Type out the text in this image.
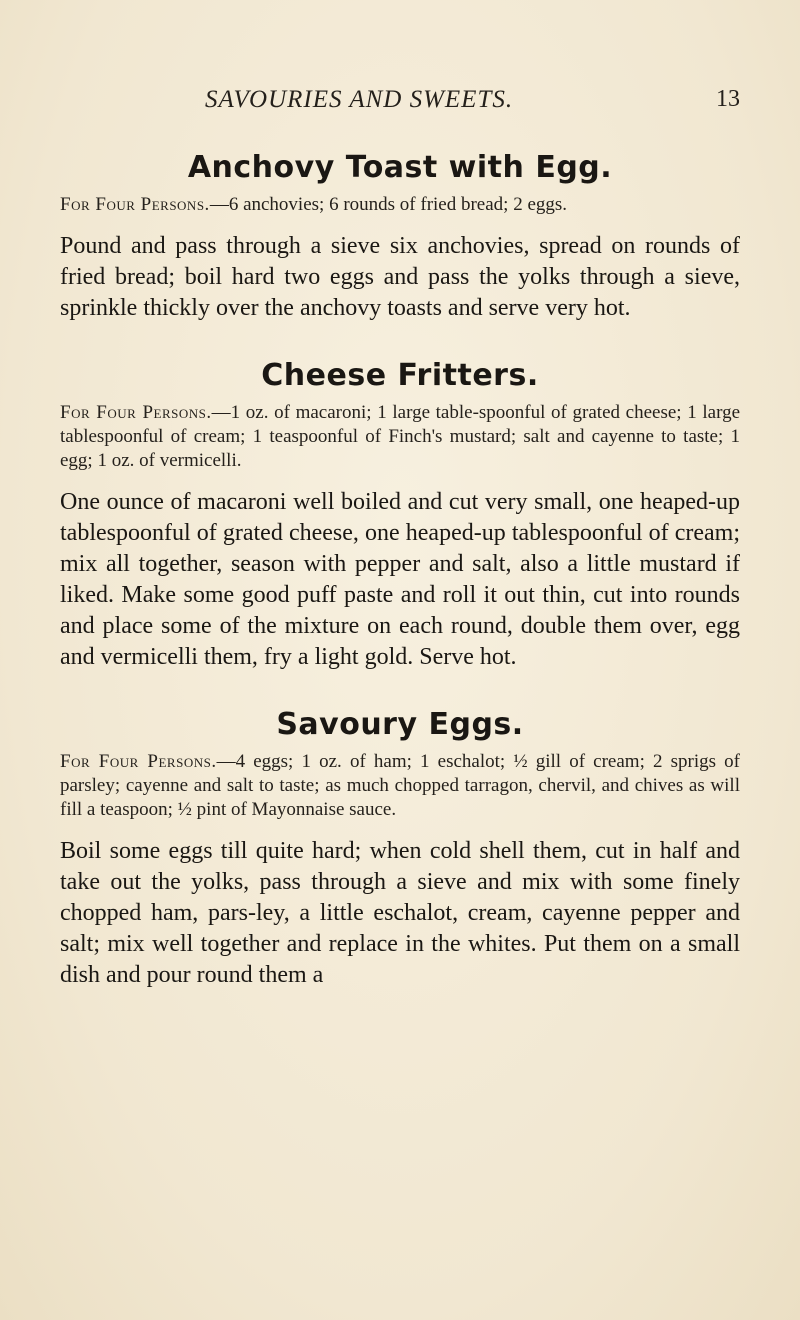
SAVOURIES AND SWEETS.	13
Anchovy Toast with Egg.

For Four Persons.—6 anchovies; 6 rounds of fried bread; 2 eggs.

Pound and pass through a sieve six anchovies, spread on rounds of fried bread; boil hard two eggs and pass the yolks through a sieve, sprinkle thickly over the anchovy toasts and serve very hot.

Cheese Fritters.

For Four Persons.—1 oz. of macaroni; 1 large table-spoonful of grated cheese; 1 large tablespoonful of cream; 1 teaspoonful of Finch's mustard; salt and cayenne to taste; 1 egg; 1 oz. of vermicelli.

One ounce of macaroni well boiled and cut very small, one heaped-up tablespoonful of grated cheese, one heaped-up tablespoonful of cream; mix all together, season with pepper and salt, also a little mustard if liked. Make some good puff paste and roll it out thin, cut into rounds and place some of the mixture on each round, double them over, egg and vermicelli them, fry a light gold. Serve hot.

Savoury Eggs.

For Four Persons.—4 eggs; 1 oz. of ham; 1 eschalot; ½ gill of cream; 2 sprigs of parsley; cayenne and salt to taste; as much chopped tarragon, chervil, and chives as will fill a teaspoon; ½ pint of Mayonnaise sauce.

Boil some eggs till quite hard; when cold shell them, cut in half and take out the yolks, pass through a sieve and mix with some finely chopped ham, pars-ley, a little eschalot, cream, cayenne pepper and salt; mix well together and replace in the whites. Put them on a small dish and pour round them a
